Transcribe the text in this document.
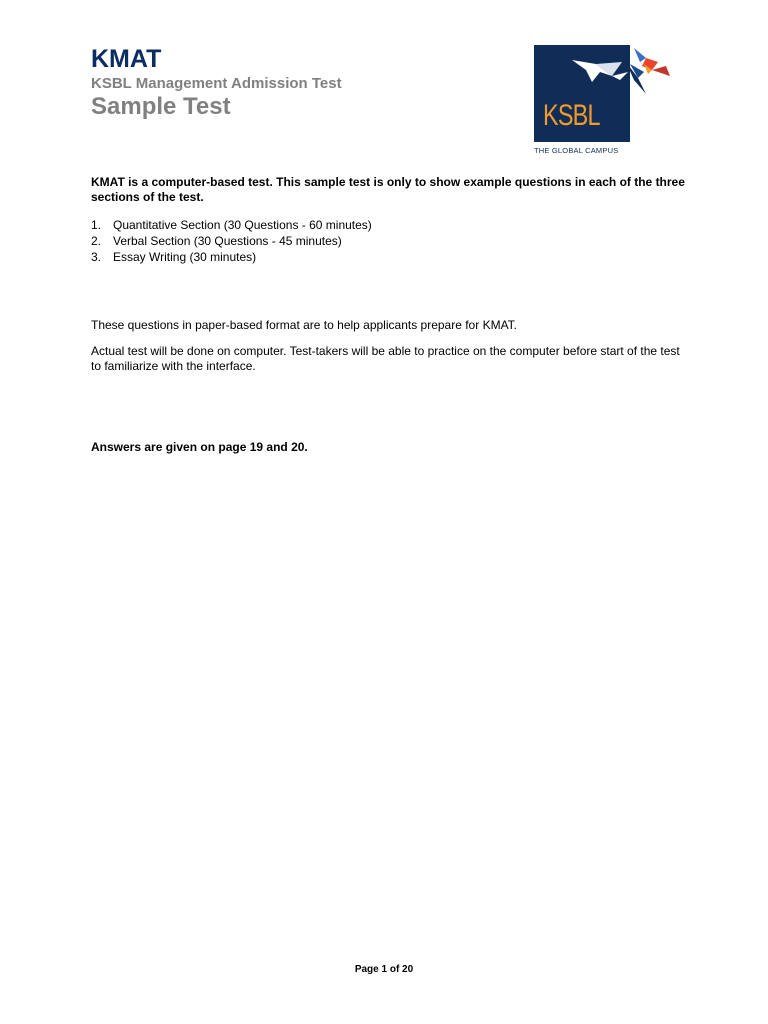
KMAT
KSBL Management Admission Test
Sample Test	KSBL
THE GLOBAL CAMPUS
KMAT is a computer-based test. This sample test is only to show example questions in each of the three sections of the test.
1. Quantitative Section (30 Questions - 60 minutes)
2. Verbal Section (30 Questions - 45 minutes)
3. Essay Writing (30 minutes)
These questions in paper-based format are to help applicants prepare for KMAT.
Actual test will be done on computer. Test-takers will be able to practice on the computer before start of the test to familiarize with the interface.
Answers are given on page 19 and 20.
Page 1 of 20
